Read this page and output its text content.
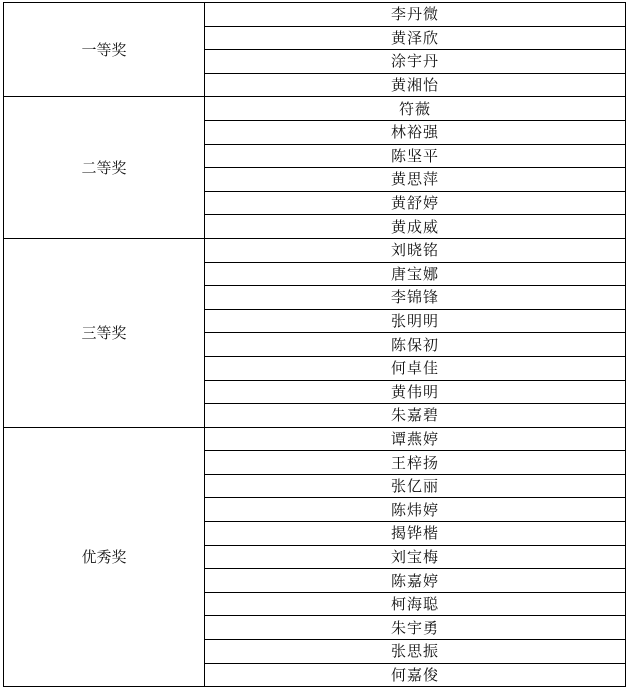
一等奖	李丹微
	黄泽欣
	涂宇丹
	黄湘怡
二等奖	符薇
	林裕强
	陈坚平
	黄思萍
	黄舒婷
	黄成威
三等奖	刘晓铭
	唐宝娜
	李锦锋
	张明明
	陈保初
	何卓佳
	黄伟明
	朱嘉碧
优秀奖	谭燕婷
	王梓扬
	张亿丽
	陈炜婷
	揭铧楷
	刘宝梅
	陈嘉婷
	柯海聪
	朱宇勇
	张思振
	何嘉俊
